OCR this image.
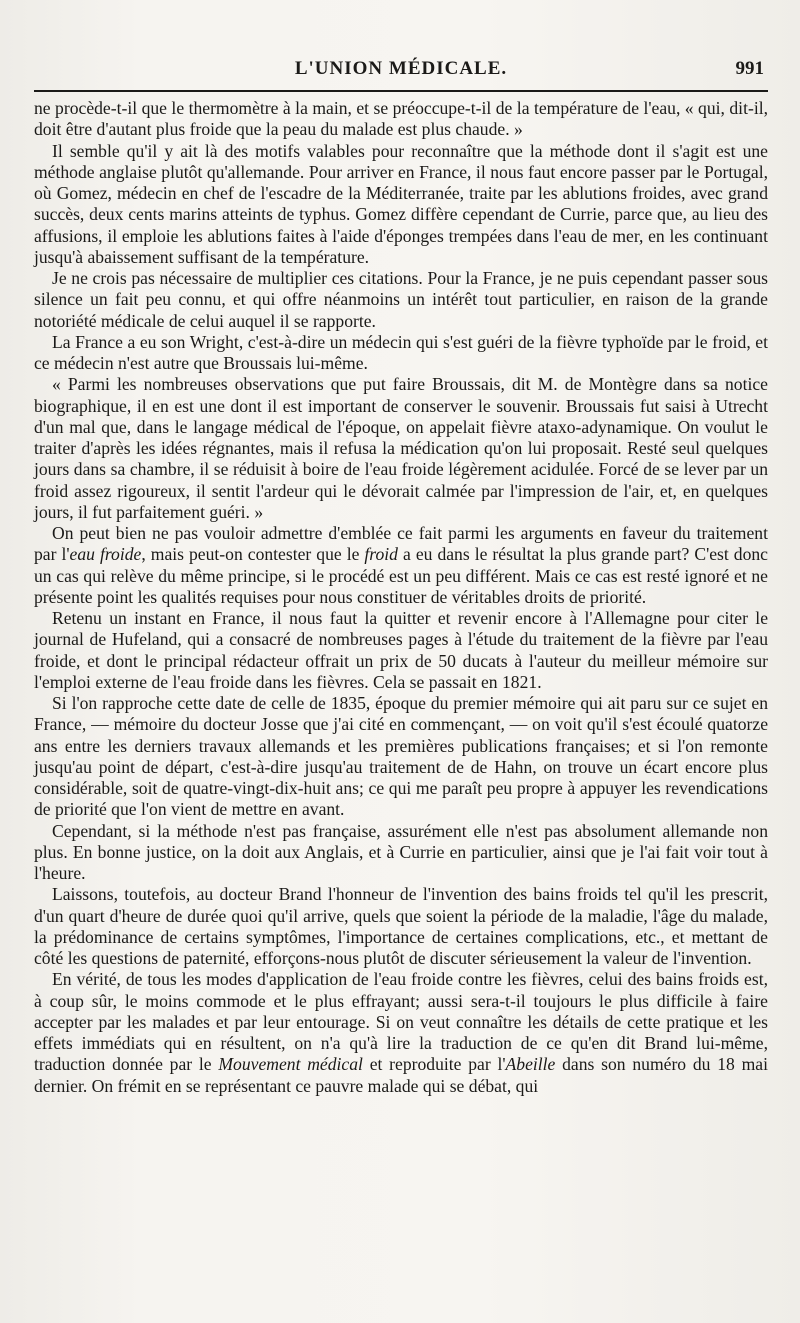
L'UNION MÉDICALE.	991

ne procède-t-il que le thermomètre à la main, et se préoccupe-t-il de la température de l'eau, « qui, dit-il, doit être d'autant plus froide que la peau du malade est plus chaude. »

Il semble qu'il y ait là des motifs valables pour reconnaître que la méthode dont il s'agit est une méthode anglaise plutôt qu'allemande. Pour arriver en France, il nous faut encore passer par le Portugal, où Gomez, médecin en chef de l'escadre de la Méditerranée, traite par les ablutions froides, avec grand succès, deux cents marins atteints de typhus. Gomez diffère cependant de Currie, parce que, au lieu des affusions, il emploie les ablutions faites à l'aide d'éponges trempées dans l'eau de mer, en les continuant jusqu'à abaissement suffisant de la température.

Je ne crois pas nécessaire de multiplier ces citations. Pour la France, je ne puis cependant passer sous silence un fait peu connu, et qui offre néanmoins un intérêt tout particulier, en raison de la grande notoriété médicale de celui auquel il se rapporte.

La France a eu son Wright, c'est-à-dire un médecin qui s'est guéri de la fièvre typhoïde par le froid, et ce médecin n'est autre que Broussais lui-même.

« Parmi les nombreuses observations que put faire Broussais, dit M. de Montègre dans sa notice biographique, il en est une dont il est important de conserver le souvenir. Broussais fut saisi à Utrecht d'un mal que, dans le langage médical de l'époque, on appelait fièvre ataxo-adynamique. On voulut le traiter d'après les idées régnantes, mais il refusa la médication qu'on lui proposait. Resté seul quelques jours dans sa chambre, il se réduisit à boire de l'eau froide légèrement acidulée. Forcé de se lever par un froid assez rigoureux, il sentit l'ardeur qui le dévorait calmée par l'impression de l'air, et, en quelques jours, il fut parfaitement guéri. »

On peut bien ne pas vouloir admettre d'emblée ce fait parmi les arguments en faveur du traitement par l'eau froide, mais peut-on contester que le froid a eu dans le résultat la plus grande part? C'est donc un cas qui relève du même principe, si le procédé est un peu différent. Mais ce cas est resté ignoré et ne présente point les qualités requises pour nous constituer de véritables droits de priorité.

Retenu un instant en France, il nous faut la quitter et revenir encore à l'Allemagne pour citer le journal de Hufeland, qui a consacré de nombreuses pages à l'étude du traitement de la fièvre par l'eau froide, et dont le principal rédacteur offrait un prix de 50 ducats à l'auteur du meilleur mémoire sur l'emploi externe de l'eau froide dans les fièvres. Cela se passait en 1821.

Si l'on rapproche cette date de celle de 1835, époque du premier mémoire qui ait paru sur ce sujet en France, — mémoire du docteur Josse que j'ai cité en commençant, — on voit qu'il s'est écoulé quatorze ans entre les derniers travaux allemands et les premières publications françaises; et si l'on remonte jusqu'au point de départ, c'est-à-dire jusqu'au traitement de de Hahn, on trouve un écart encore plus considérable, soit de quatre-vingt-dix-huit ans; ce qui me paraît peu propre à appuyer les revendications de priorité que l'on vient de mettre en avant.

Cependant, si la méthode n'est pas française, assurément elle n'est pas absolument allemande non plus. En bonne justice, on la doit aux Anglais, et à Currie en particulier, ainsi que je l'ai fait voir tout à l'heure.

Laissons, toutefois, au docteur Brand l'honneur de l'invention des bains froids tel qu'il les prescrit, d'un quart d'heure de durée quoi qu'il arrive, quels que soient la période de la maladie, l'âge du malade, la prédominance de certains symptômes, l'importance de certaines complications, etc., et mettant de côté les questions de paternité, efforçons-nous plutôt de discuter sérieusement la valeur de l'invention.

En vérité, de tous les modes d'application de l'eau froide contre les fièvres, celui des bains froids est, à coup sûr, le moins commode et le plus effrayant; aussi sera-t-il toujours le plus difficile à faire accepter par les malades et par leur entourage. Si on veut connaître les détails de cette pratique et les effets immédiats qui en résultent, on n'a qu'à lire la traduction de ce qu'en dit Brand lui-même, traduction donnée par le Mouvement médical et reproduite par l'Abeille dans son numéro du 18 mai dernier. On frémit en se représentant ce pauvre malade qui se débat, qui
